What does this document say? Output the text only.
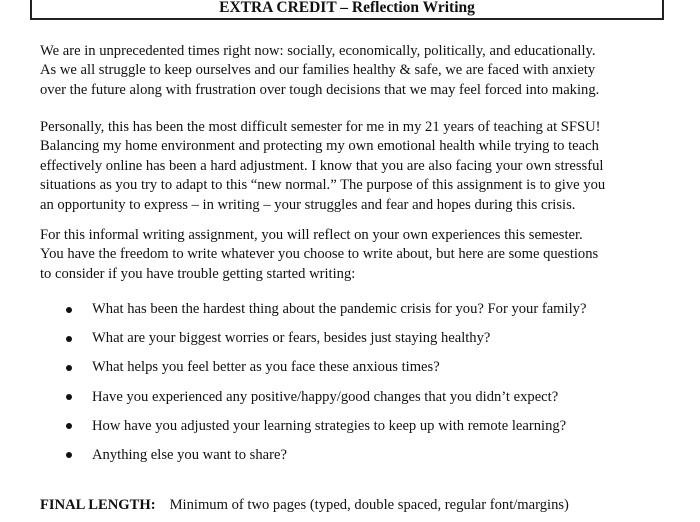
EXTRA CREDIT – Reflection Writing

We are in unprecedented times right now: socially, economically, politically, and educationally.
As we all struggle to keep ourselves and our families healthy & safe, we are faced with anxiety
over the future along with frustration over tough decisions that we may feel forced into making.

Personally, this has been the most difficult semester for me in my 21 years of teaching at SFSU!
Balancing my home environment and protecting my own emotional health while trying to teach
effectively online has been a hard adjustment. I know that you are also facing your own stressful
situations as you try to adapt to this “new normal.” The purpose of this assignment is to give you
an opportunity to express – in writing – your struggles and fear and hopes during this crisis.

For this informal writing assignment, you will reflect on your own experiences this semester.
You have the freedom to write whatever you choose to write about, but here are some questions
to consider if you have trouble getting started writing:

What has been the hardest thing about the pandemic crisis for you? For your family?
What are your biggest worries or fears, besides just staying healthy?
What helps you feel better as you face these anxious times?
Have you experienced any positive/happy/good changes that you didn’t expect?
How have you adjusted your learning strategies to keep up with remote learning?
Anything else you want to share?
FINAL LENGTH: Minimum of two pages (typed, double spaced, regular font/margins)
